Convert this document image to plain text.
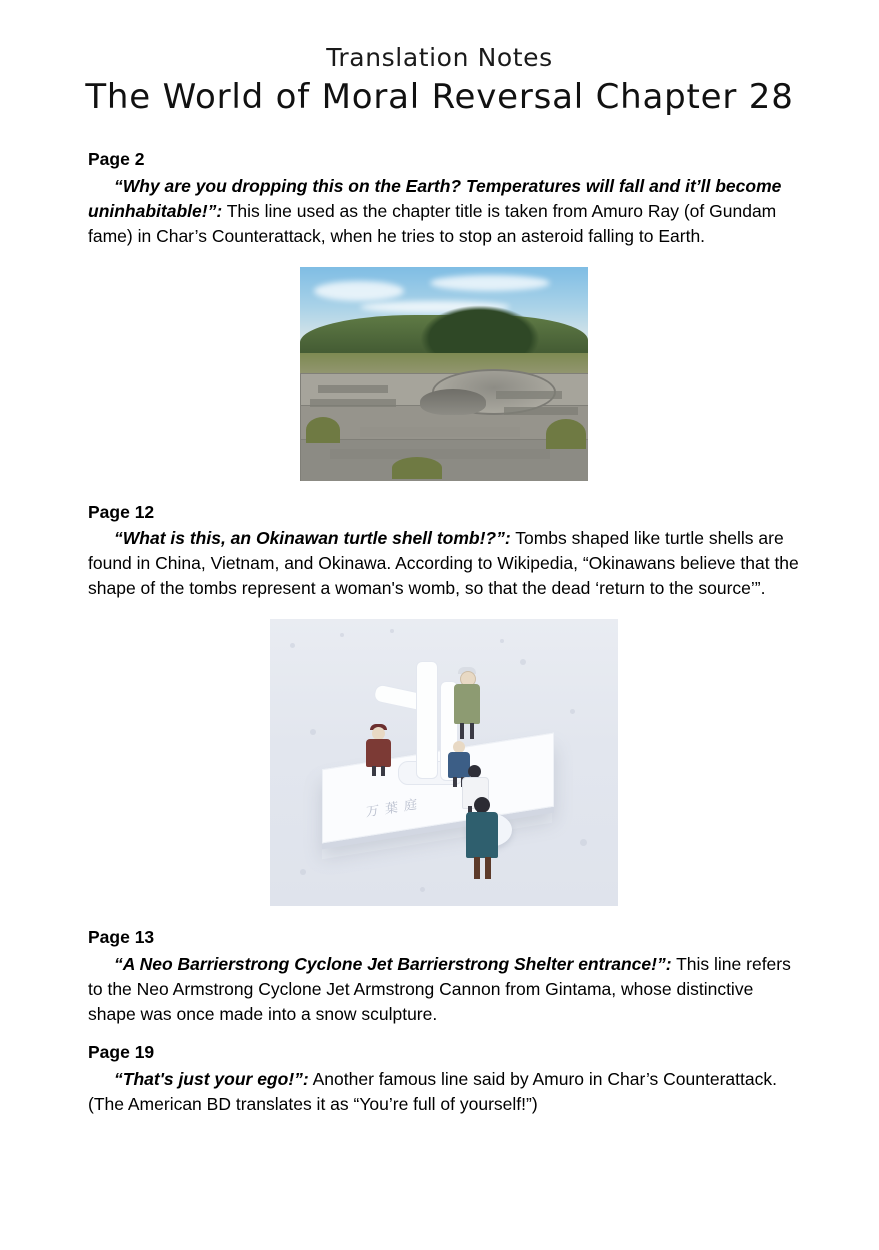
Translation Notes
The World of Moral Reversal Chapter 28
Page 2
“Why are you dropping this on the Earth? Temperatures will fall and it’ll become uninhabitable!”: This line used as the chapter title is taken from Amuro Ray (of Gundam fame) in Char’s Counterattack, when he tries to stop an asteroid falling to Earth.
Page 12
“What is this, an Okinawan turtle shell tomb!?”: Tombs shaped like turtle shells are found in China, Vietnam, and Okinawa. According to Wikipedia, “Okinawans believe that the shape of the tombs represent a woman's womb, so that the dead ‘return to the source’”.
万葉庭
Page 13
“A Neo Barrierstrong Cyclone Jet Barrierstrong Shelter entrance!”: This line refers to the Neo Armstrong Cyclone Jet Armstrong Cannon from Gintama, whose distinctive shape was once made into a snow sculpture.
Page 19
“That's just your ego!”: Another famous line said by Amuro in Char’s Counterattack. (The American BD translates it as “You’re full of yourself!”)
